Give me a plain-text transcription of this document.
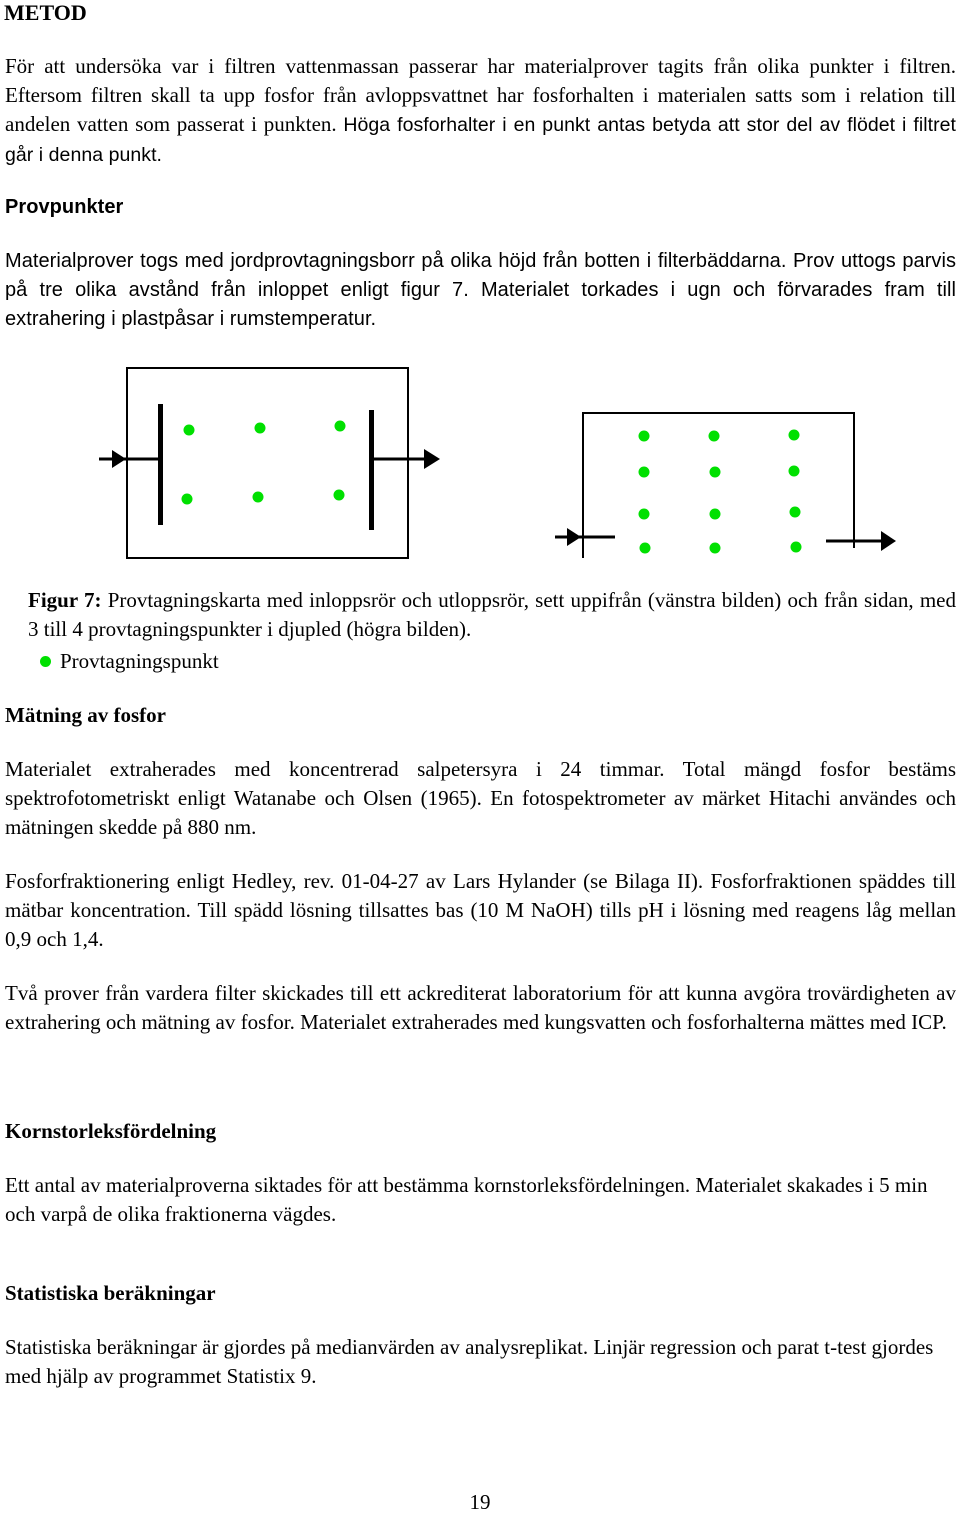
METOD

För att undersöka var i filtren vattenmassan passerar har materialprover tagits från olika punkter i filtren. Eftersom filtren skall ta upp fosfor från avloppsvattnet har fosforhalten i materialen satts som i relation till andelen vatten som passerat i punkten. Höga fosforhalter i en punkt antas betyda att stor del av flödet i filtret går i denna punkt.

Provpunkter

Materialprover togs med jordprovtagningsborr på olika höjd från botten i filterbäddarna. Prov uttogs parvis på tre olika avstånd från inloppet enligt figur 7. Materialet torkades i ugn och förvarades fram till extrahering i plastpåsar i rumstemperatur.

Figur 7: Provtagningskarta med inloppsrör och utloppsrör, sett uppifrån (vänstra bilden) och från sidan, med 3 till 4 provtagningspunkter i djupled (högra bilden).

Provtagningspunkt
Mätning av fosfor

Materialet extraherades med koncentrerad salpetersyra i 24 timmar. Total mängd fosfor bestäms spektrofotometriskt enligt Watanabe och Olsen (1965). En fotospektrometer av märket Hitachi användes och mätningen skedde på 880 nm.

Fosforfraktionering enligt Hedley, rev. 01-04-27 av Lars Hylander (se Bilaga II). Fosforfraktionen späddes till mätbar koncentration. Till spädd lösning tillsattes bas (10 M NaOH) tills pH i lösning med reagens låg mellan 0,9 och 1,4.

Två prover från vardera filter skickades till ett ackrediterat laboratorium för att kunna avgöra trovärdigheten av extrahering och mätning av fosfor. Materialet extraherades med kungsvatten och fosforhalterna mättes med ICP.

Kornstorleksfördelning

Ett antal av materialproverna siktades för att bestämma kornstorleksfördelningen. Materialet skakades i 5 min och varpå de olika fraktionerna vägdes.

Statistiska beräkningar

Statistiska beräkningar är gjordes på medianvärden av analysreplikat. Linjär regression och parat t-test gjordes med hjälp av programmet Statistix 9.

19
